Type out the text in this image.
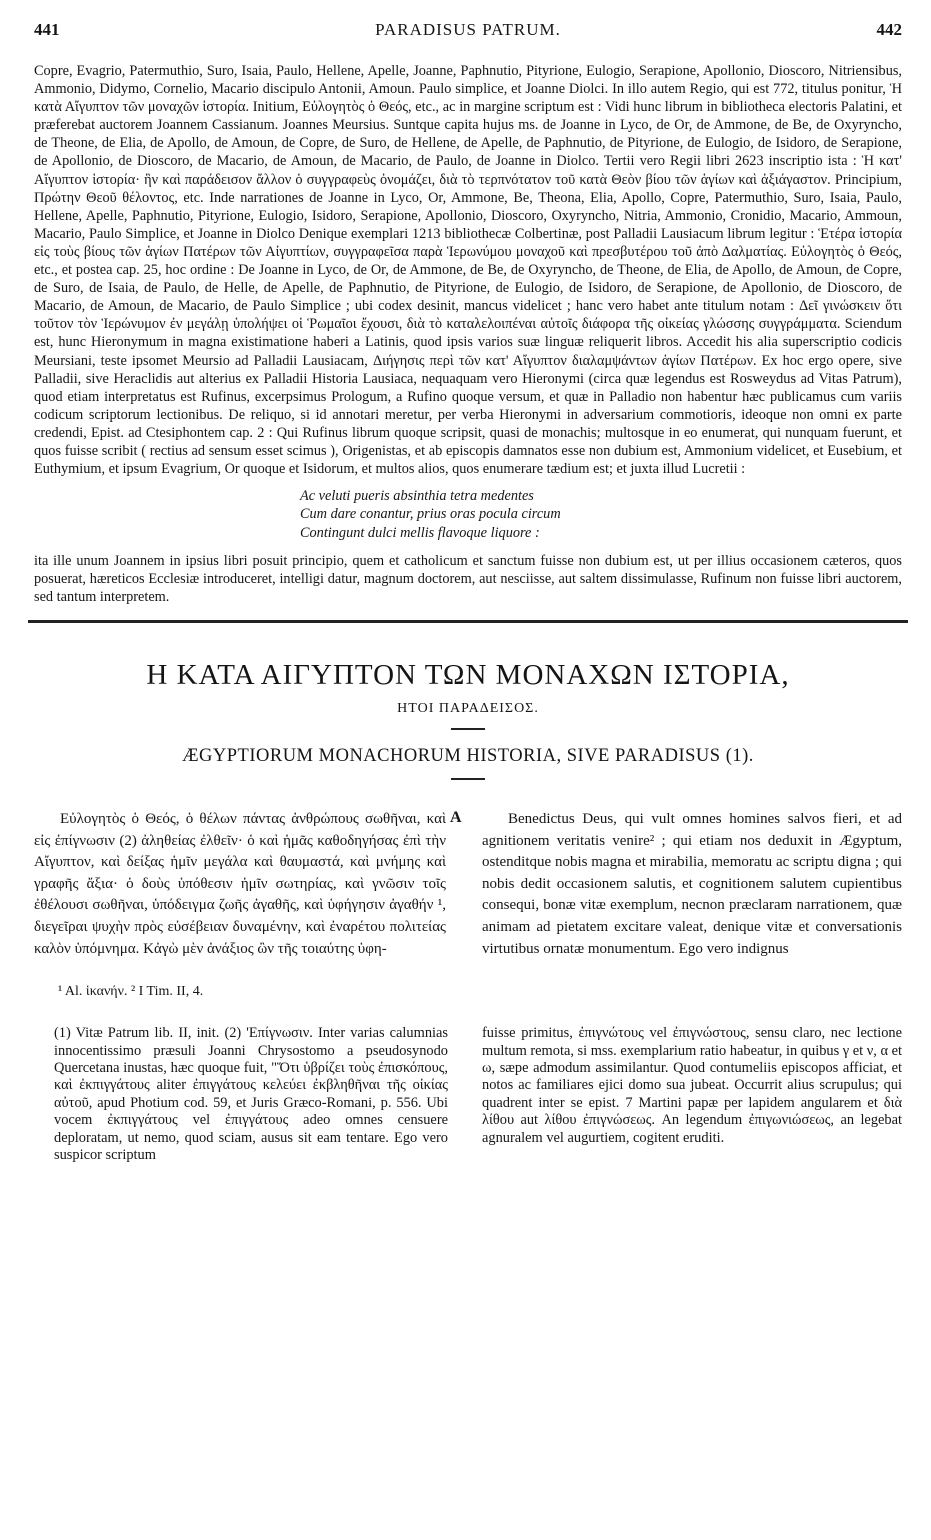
441	PARADISUS PATRUM.	442

Copre, Evagrio, Patermuthio, Suro, Isaia, Paulo, Hellene, Apelle, Joanne, Paphnutio, Pityrione, Eulogio, Serapione, Apollonio, Dioscoro, Nitriensibus, Ammonio, Didymo, Cornelio, Macario discipulo Antonii, Amoun. Paulo simplice, et Joanne Diolci. In illo autem Regio, qui est 772, titulus ponitur, Ἡ κατὰ Αἴγυπτον τῶν μοναχῶν ἱστορία. Initium, Εὐλογητὸς ὁ Θεός, etc., ac in margine scriptum est : Vidi hunc librum in bibliotheca electoris Palatini, et præferebat auctorem Joannem Cassianum. Joannes Meursius. Suntque capita hujus ms. de Joanne in Lyco, de Or, de Ammone, de Be, de Oxyryncho, de Theone, de Elia, de Apollo, de Amoun, de Copre, de Suro, de Hellene, de Apelle, de Paphnutio, de Pityrione, de Eulogio, de Isidoro, de Serapione, de Apollonio, de Dioscoro, de Macario, de Amoun, de Macario, de Paulo, de Joanne in Diolco. Tertii vero Regii libri 2623 inscriptio ista : Ἡ κατ' Αἴγυπτον ἱστορία· ἣν καὶ παράδεισον ἄλλον ὁ συγγραφεὺς ὀνομάζει, διὰ τὸ τερπνότατον τοῦ κατὰ Θεὸν βίου τῶν ἁγίων καὶ ἀξιάγαστον. Principium, Πρώτην Θεοῦ θέλοντος, etc. Inde narrationes de Joanne in Lyco, Or, Ammone, Be, Theona, Elia, Apollo, Copre, Patermuthio, Suro, Isaia, Paulo, Hellene, Apelle, Paphnutio, Pityrione, Eulogio, Isidoro, Serapione, Apollonio, Dioscoro, Oxyryncho, Nitria, Ammonio, Cronidio, Macario, Ammoun, Macario, Paulo Simplice, et Joanne in Diolco Denique exemplari 1213 bibliothecæ Colbertinæ, post Palladii Lausiacum librum legitur : Ἑτέρα ἱστορία εἰς τοὺς βίους τῶν ἁγίων Πατέρων τῶν Αἰγυπτίων, συγγραφεῖσα παρὰ Ἱερωνύμου μοναχοῦ καὶ πρεσβυτέρου τοῦ ἀπὸ Δαλματίας. Εὐλογητὸς ὁ Θεός, etc., et postea cap. 25, hoc ordine : De Joanne in Lyco, de Or, de Ammone, de Be, de Oxyryncho, de Theone, de Elia, de Apollo, de Amoun, de Copre, de Suro, de Isaia, de Paulo, de Helle, de Apelle, de Paphnutio, de Pityrione, de Eulogio, de Isidoro, de Serapione, de Apollonio, de Dioscoro, de Macario, de Amoun, de Macario, de Paulo Simplice ; ubi codex desinit, mancus videlicet ; hanc vero habet ante titulum notam : Δεῖ γινώσκειν ὅτι τοῦτον τὸν Ἱερώνυμον ἐν μεγάλῃ ὑπολήψει οἱ Ῥωμαῖοι ἔχουσι, διὰ τὸ καταλελοιπέναι αὐτοῖς διάφορα τῆς οἰκείας γλώσσης συγγράμματα. Sciendum est, hunc Hieronymum in magna existimatione haberi a Latinis, quod ipsis varios suæ linguæ reliquerit libros. Accedit his alia superscriptio codicis Meursiani, teste ipsomet Meursio ad Palladii Lausiacam, Διήγησις περὶ τῶν κατ' Αἴγυπτον διαλαμψάντων ἁγίων Πατέρων. Ex hoc ergo opere, sive Palladii, sive Heraclidis aut alterius ex Palladii Historia Lausiaca, nequaquam vero Hieronymi (circa quæ legendus est Rosweydus ad Vitas Patrum), quod etiam interpretatus est Rufinus, excerpsimus Prologum, a Rufino quoque versum, et quæ in Palladio non habentur hæc publicamus cum variis codicum scriptorum lectionibus. De reliquo, si id annotari meretur, per verba Hieronymi in adversarium commotioris, ideoque non omni ex parte credendi, Epist. ad Ctesiphontem cap. 2 : Qui Rufinus librum quoque scripsit, quasi de monachis; multosque in eo enumerat, qui nunquam fuerunt, et quos fuisse scribit ( rectius ad sensum esset scimus ), Origenistas, et ab episcopis damnatos esse non dubium est, Ammonium videlicet, et Eusebium, et Euthymium, et ipsum Evagrium, Or quoque et Isidorum, et multos alios, quos enumerare tædium est; et juxta illud Lucretii :

Ac veluti pueris absinthia tetra medentes
Cum dare conantur, prius oras pocula circum
Contingunt dulci mellis flavoque liquore :

ita ille unum Joannem in ipsius libri posuit principio, quem et catholicum et sanctum fuisse non dubium est, ut per illius occasionem cæteros, quos posuerat, hæreticos Ecclesiæ introduceret, intelligi datur, magnum doctorem, aut nesciisse, aut saltem dissimulasse, Rufinum non fuisse libri auctorem, sed tantum interpretem.

Η ΚΑΤΑ ΑΙΓΥΠΤΟΝ ΤΩΝ ΜΟΝΑΧΩΝ ΙΣΤΟΡΙΑ,
ΗΤΟΙ ΠΑΡΑΔΕΙΣΟΣ.
ÆGYPTIORUM MONACHORUM HISTORIA, SIVE PARADISUS (1).

Εὐλογητὸς ὁ Θεός, ὁ θέλων πάντας ἀνθρώπους σωθῆναι, καὶ εἰς ἐπίγνωσιν (2) ἀληθείας ἐλθεῖν· ὁ καὶ ἡμᾶς καθοδηγήσας ἐπὶ τὴν Αἴγυπτον, καὶ δείξας ἡμῖν μεγάλα καὶ θαυμαστά, καὶ μνήμης καὶ γραφῆς ἄξια· ὁ δοὺς ὑπόθεσιν ἡμῖν σωτηρίας, καὶ γνῶσιν τοῖς ἐθέλουσι σωθῆναι, ὑπόδειγμα ζωῆς ἀγαθῆς, καὶ ὑφήγησιν ἀγαθήν ¹, διεγεῖραι ψυχὴν πρὸς εὐσέβειαν δυναμένην, καὶ ἐναρέτου πολιτείας καλὸν ὑπόμνημα. Κἀγὼ μὲν ἀνάξιος ὢν τῆς τοιαύτης ὑφη-

A	Benedictus Deus, qui vult omnes homines salvos fieri, et ad agnitionem veritatis venire² ; qui etiam nos deduxit in Ægyptum, ostenditque nobis magna et mirabilia, memoratu ac scriptu digna ; qui nobis dedit occasionem salutis, et cognitionem salutem cupientibus consequi, bonæ vitæ exemplum, necnon præclaram narrationem, quæ animam ad pietatem excitare valeat, denique vitæ et conversationis virtutibus ornatæ monumentum. Ego vero indignus

¹ Al. ἱκανήν. ² I Tim. II, 4.

(1) Vitæ Patrum lib. II, init. (2) 'Επίγνωσιν. Inter varias calumnias innocentissimo præsuli Joanni Chrysostomo a pseudosynodo Quercetana inustas, hæc quoque fuit, "Ὅτι ὑβρίζει τοὺς ἐπισκόπους, καὶ ἐκπιγγάτους aliter ἐπιγγάτους κελεύει ἐκβληθῆναι τῆς οἰκίας αὐτοῦ, apud Photium cod. 59, et Juris Græco-Romani, p. 556. Ubi vocem ἐκπιγγάτους vel ἐπιγγάτους adeo omnes censuere deploratam, ut nemo, quod sciam, ausus sit eam tentare. Ego vero suspicor scriptum

fuisse primitus, ἐπιγνώτους vel ἐπιγνώστους, sensu claro, nec lectione multum remota, si mss. exemplarium ratio habeatur, in quibus γ et ν, α et ω, sæpe admodum assimilantur. Quod contumeliis episcopos afficiat, et notos ac familiares ejici domo sua jubeat. Occurrit alius scrupulus; qui quadrent inter se epist. 7 Martini papæ per lapidem angularem et διὰ λίθου aut λίθου ἐπιγνώσεως. An legendum ἐπιγωνιώσεως, an legebat agnuralem vel augurtiem, cogitent eruditi.
